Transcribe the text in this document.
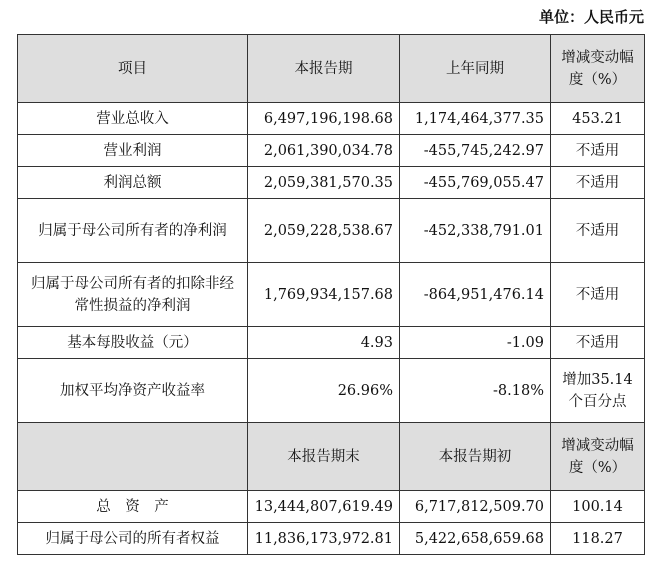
单位：人民币元
项目	本报告期	上年同期	增减变动幅度（%）
营业总收入	6,497,196,198.68	1,174,464,377.35	453.21
营业利润	2,061,390,034.78	-455,745,242.97	不适用
利润总额	2,059,381,570.35	-455,769,055.47	不适用
归属于母公司所有者的净利润	2,059,228,538.67	-452,338,791.01	不适用
归属于母公司所有者的扣除非经常性损益的净利润	1,769,934,157.68	-864,951,476.14	不适用
基本每股收益（元）	4.93	-1.09	不适用
加权平均净资产收益率	26.96%	-8.18%	增加35.14个百分点
	本报告期末	本报告期初	增减变动幅度（%）
总　资　产	13,444,807,619.49	6,717,812,509.70	100.14
归属于母公司的所有者权益	11,836,173,972.81	5,422,658,659.68	118.27
